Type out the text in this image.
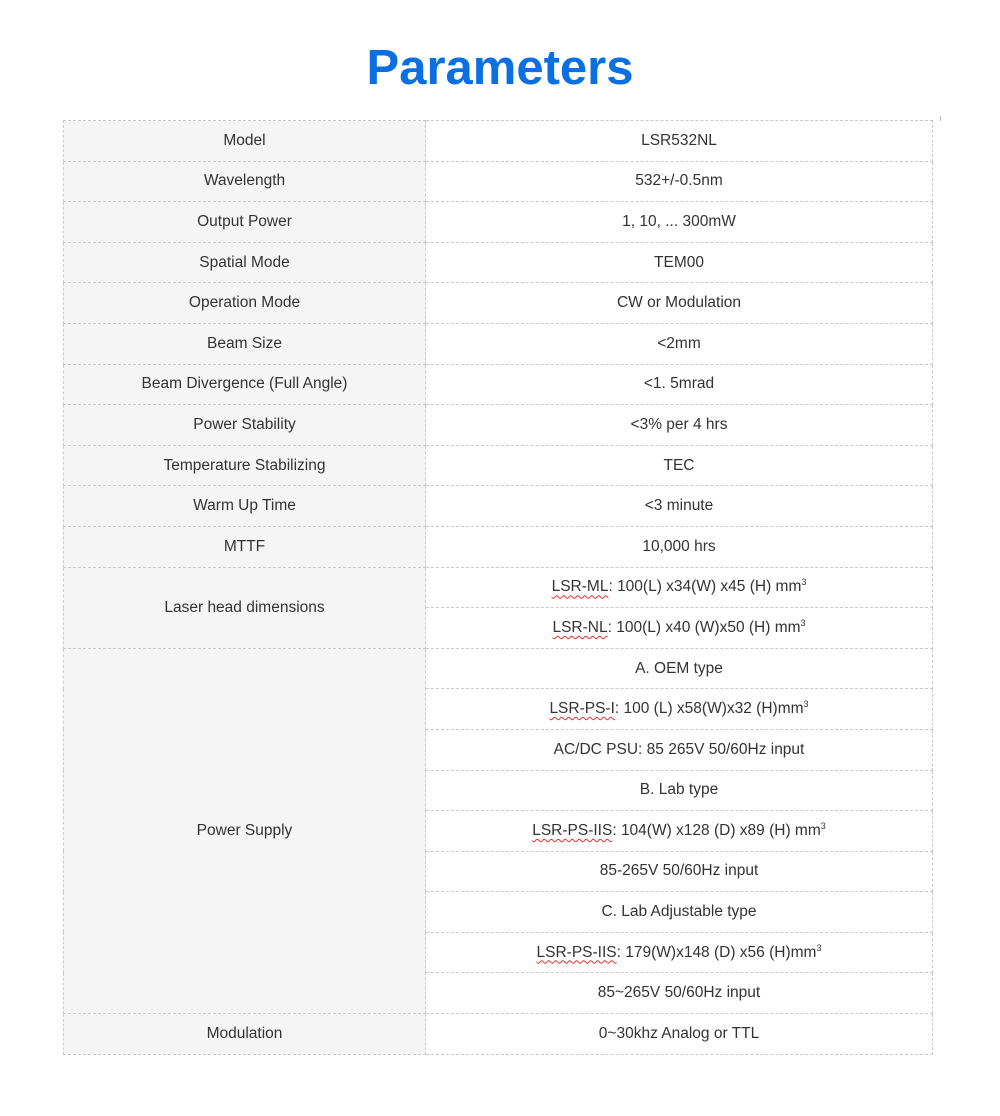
Parameters
Model	LSR532NL
Wavelength	532+/-0.5nm
Output Power	1, 10, ... 300mW
Spatial Mode	TEM00
Operation Mode	CW or Modulation
Beam Size	<2mm
Beam Divergence (Full Angle)	<1. 5mrad
Power Stability	<3% per 4 hrs
Temperature Stabilizing	TEC
Warm Up Time	<3 minute
MTTF	10,000 hrs
Laser head dimensions	LSR-ML: 100(L) x34(W) x45 (H) $mm^3$
	LSR-NL: 100(L) x40 (W)x50 (H) $mm^3$
Power Supply	A. OEM type
	LSR-PS-I: 100 (L) x58(W)x32 $(H)mm^3$
	AC/DC PSU: 85 265V 50/60Hz input
	B. Lab type
	LSR-PS-IIS: 104(W) x128 (D) x89 (H) $mm^3$
	85-265V 50/60Hz input
	C. Lab Adjustable type
	LSR-PS-IIS: 179(W)x148 (D) x56 $(H)mm^3$
	85~265V 50/60Hz input
Modulation	0~30khz Analog or TTL
